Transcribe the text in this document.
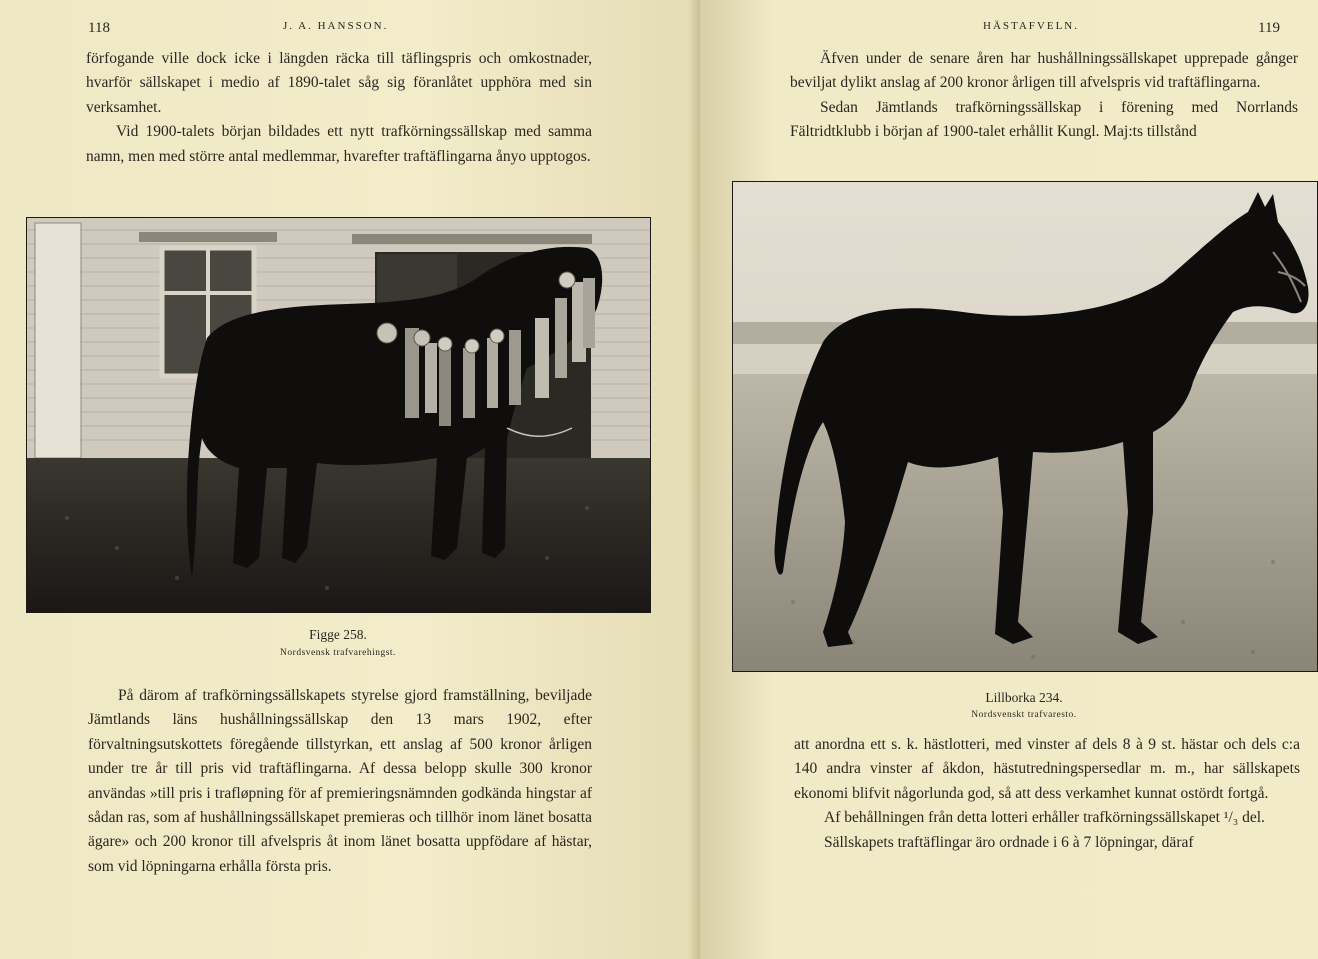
118	J. A. HANSSON.

förfogande ville dock icke i längden räcka till täflingspris och omkostnader, hvarför sällskapet i medio af 1890-talet såg sig föranlåtet upphöra med sin verksamhet.

Vid 1900-talets början bildades ett nytt trafkörningssällskap med samma namn, men med större antal medlemmar, hvarefter traftäflingarna ånyo upptogos.

Figge 258.
Nordsvensk trafvarehingst.

På därom af trafkörningssällskapets styrelse gjord framställning, beviljade Jämtlands läns hushållningssällskap den 13 mars 1902, efter förvaltningsutskottets föregående tillstyrkan, ett anslag af 500 kronor årligen under tre år till pris vid traftäflingarna. Af dessa belopp skulle 300 kronor användas »till pris i trafløpning för af premieringsnämnden godkända hingstar af sådan ras, som af hushållningssällskapet premieras och tillhör inom länet bosatta ägare» och 200 kronor till afvelspris åt inom länet bosatta uppfödare af hästar, som vid löpningarna erhålla första pris.

HÄSTAFVELN.	119

Äfven under de senare åren har hushållningssällskapet upprepade gånger beviljat dylikt anslag af 200 kronor årligen till afvelspris vid traftäflingarna.

Sedan Jämtlands trafkörningssällskap i förening med Norrlands Fältridtklubb i början af 1900-talet erhållit Kungl. Maj:ts tillstånd

Lillborka 234.
Nordsvenskt trafvaresto.

att anordna ett s. k. hästlotteri, med vinster af dels 8 à 9 st. hästar och dels c:a 140 andra vinster af åkdon, hästutredningspersedlar m. m., har sällskapets ekonomi blifvit någorlunda god, så att dess verkamhet kunnat ostördt fortgå.

Af behållningen från detta lotteri erhåller trafkörningssällskapet ¹/₃ del.

Sällskapets traftäflingar äro ordnade i 6 à 7 löpningar, däraf
